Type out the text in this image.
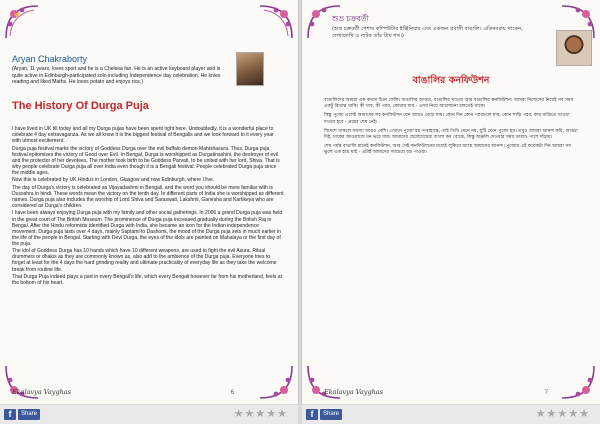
Aryan Chakraborty
(Aryan, 11 years, loves sport and he is a Chelsea fan. He is an active keyboard player and is quite active in Edinburgh-participated solo including Independence day celebration. He loves reading and liked Maths. He loves potato and enjoys rice.)
The History Of Durga Puja

I have lived in UK till today and all my Durga pujas have been spent right here. Undoubtedly, it is a wonderful place to celebrate 4 day extravaganza. As we all know it is the biggest festival of Bengalis and we look forward to it every year with utmost excitement.

Durga puja festival marks the victory of Goddess Durga over the evil buffalo demon Mahishasura. Thus, Durga puja festival epitomises the victory of Good over Evil. In Bengal, Durga is worshipped as Durgatinashini, the destroyer of evil and the protector of her devotees. The mother took birth to be Goddess Parvati, to be united with her lord, Shiva. That is why people celebrate Durga puja all over India even though it is a Bengali festival. People celebrated Durga puja since the middle ages.

Now this is celebrated by UK Hindus in London, Glasgow and now Edinburgh, where I live.

The day of Durga's victory is celebrated as Vijayadashmi in Bengali, and the word you should be more familiar with is Dussehra in hindi. These words mean the victory on the tenth day. In different parts of India she is worshipped as different names. Durga puja also includes the worship of Lord Shiva and Saraswati, Lakshmi, Ganesha and Kartikeya who are considered as Durga's children.

I have been always enjoying Durga puja with my family and other social gatherings. In 2006 a grand Durga puja was held in the great court of The British Museum. The prominence of Durga puja increased gradually during the British Raj in Bengal. After the Hindu reformists identified Durga with India, she became an icon for the Indian independence movement. Durga puja lasts over 4 days, mainly Saptami to Dashomi, the mood of the Durga puja sets in much earlier in the life of the people in Bengal. Starting with Devi Durga, the eyes of the idols are painted on Mahalaya or the first day of the puja.

The idol of Goddess Durga has 10 hands which have 10 different weapons, are used to fight the evil Asura. Ritual drummers or dhakis as they are commonly known as, also add to the ambience of the Durga puja. Everyone tries to forget at least for the 4 days the hard grinding reality and ultimate practicality of everyday life as they take the welcome break from routine life.

That Durga Puja indeed plays a part in every Bengali's life, which every Bengali however far from his motherland, feels at the bottom of his heart.

Ekalavya Vayghas	6
শুভ্র চক্রবর্তী
(শুভ্র চক্রবর্তী পেশায় কম্পিউটার ইঞ্জিনিয়ার এবং একজন প্রবাসী বাঙালি। এডিনবরায় থাকেন, লেখালেখি ও নাটক তাঁর প্রিয় শখ।)
বাঙালির কনফিউশন

বাঙালিদের আমরা এক কথায় চিনে ফেলি। বাঙালির আড্ডা, বাঙালির খাওয়া আর বাঙালির কনফিউশন। আমরা নিজেদের নিয়েই সব সময় একটু বিভ্রান্ত থাকি। কী খাব, কী পরব, কোথায় যাব - এসব নিয়ে আলোচনা চলতেই থাকে।

কিন্তু পুজো এলেই আমাদের সব কনফিউশন যেন আরও বেড়ে যায়। কোন দিন কোন প্যান্ডেলে যাব, কোন শাড়ি পরব, কার বাড়িতে খাওয়া দাওয়া হবে - প্রশ্নের শেষ নেই।

বিদেশে থাকলে সমস্যা আরও বেশি। এখানে পুজো হয় সপ্তাহান্তে, তাই তিথি মেনে নয়, ছুটি মেনে পুজো হয়। তবুও আমরা আনন্দ করি, আড্ডা দিই, ঢাকের আওয়াজে মন ভরে যায়। আমাদের ছেলেমেয়েরা বাংলা কম বোঝে, কিন্তু অঞ্জলি দেওয়ার সময় তারাও পাশে দাঁড়ায়।

শেষ পর্যন্ত বাঙালি মানেই কনফিউশন, আর সেই কনফিউশনের মধ্যেই লুকিয়ে আছে আমাদের আনন্দ। পুজোর এই কয়েকটা দিন আমরা সব ভুলে এক হয়ে যাই - এটাই আমাদের সবচেয়ে বড় পাওয়া।

Ekalavya Vayghas	7
f	Share	★★★★★	f	Share	★★★★★
